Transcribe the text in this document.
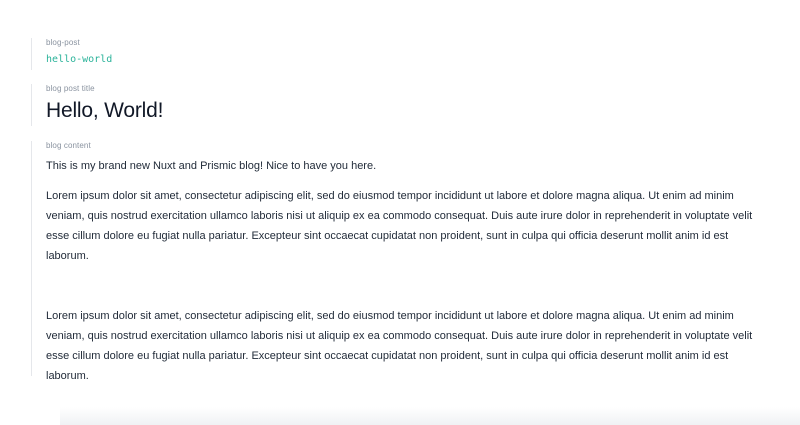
blog-post
hello-world
blog post title
Hello, World!
blog content

This is my brand new Nuxt and Prismic blog! Nice to have you here.

Lorem ipsum dolor sit amet, consectetur adipiscing elit, sed do eiusmod tempor incididunt ut labore et dolore magna aliqua. Ut enim ad minim veniam, quis nostrud exercitation ullamco laboris nisi ut aliquip ex ea commodo consequat. Duis aute irure dolor in reprehenderit in voluptate velit esse cillum dolore eu fugiat nulla pariatur. Excepteur sint occaecat cupidatat non proident, sunt in culpa qui officia deserunt mollit anim id est laborum.

Lorem ipsum dolor sit amet, consectetur adipiscing elit, sed do eiusmod tempor incididunt ut labore et dolore magna aliqua. Ut enim ad minim veniam, quis nostrud exercitation ullamco laboris nisi ut aliquip ex ea commodo consequat. Duis aute irure dolor in reprehenderit in voluptate velit esse cillum dolore eu fugiat nulla pariatur. Excepteur sint occaecat cupidatat non proident, sunt in culpa qui officia deserunt mollit anim id est laborum.
